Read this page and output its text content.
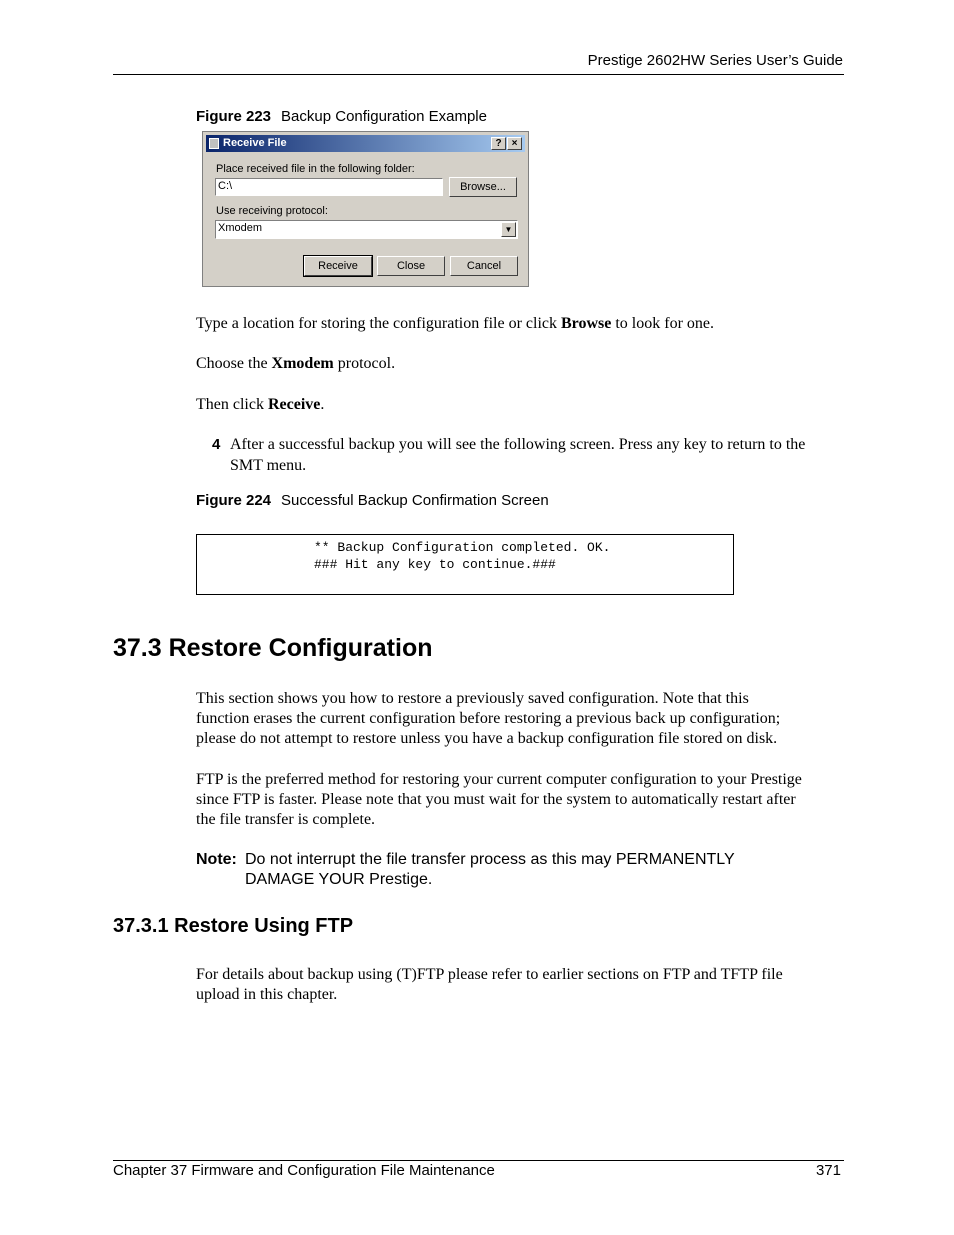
Prestige 2602HW Series User’s Guide
Figure 223 Backup Configuration Example
Receive File	?	×
Place received file in the following folder:
C:\	Browse...
Use receiving protocol:
Xmodem	▼
Receive	Close	Cancel
Type a location for storing the configuration file or click Browse to look for one.
Choose the Xmodem protocol.
Then click Receive.
4 After a successful backup you will see the following screen. Press any key to return to the
SMT menu.
Figure 224 Successful Backup Confirmation Screen
** Backup Configuration completed. OK.
### Hit any key to continue.###
37.3 Restore Configuration
This section shows you how to restore a previously saved configuration. Note that this
function erases the current configuration before restoring a previous back up configuration;
please do not attempt to restore unless you have a backup configuration file stored on disk.
FTP is the preferred method for restoring your current computer configuration to your Prestige
since FTP is faster. Please note that you must wait for the system to automatically restart after
the file transfer is complete.
Note: Do not interrupt the file transfer process as this may PERMANENTLY
DAMAGE YOUR Prestige.
37.3.1 Restore Using FTP
For details about backup using (T)FTP please refer to earlier sections on FTP and TFTP file
upload in this chapter.
Chapter 37 Firmware and Configuration File Maintenance	371
